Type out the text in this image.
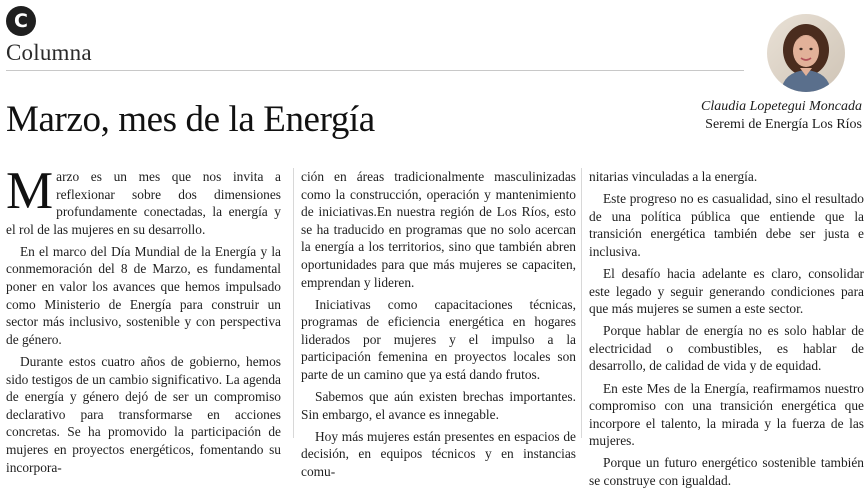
C
Columna
Marzo, mes de la Energía	Claudia Lopetegui Moncada
Seremi de Energía Los Ríos

Marzo es un mes que nos invita a reflexionar sobre dos dimensiones profundamente conectadas, la energía y el rol de las mujeres en su desarrollo.

En el marco del Día Mundial de la Energía y la conmemoración del 8 de Marzo, es fundamental poner en valor los avances que hemos impulsado como Ministerio de Energía para construir un sector más inclusivo, sostenible y con perspectiva de género.

Durante estos cuatro años de gobierno, hemos sido testigos de un cambio significativo. La agenda de energía y género dejó de ser un compromiso declarativo para transformarse en acciones concretas. Se ha promovido la participación de mujeres en proyectos energéticos, fomentando su incorpora-

ción en áreas tradicionalmente masculinizadas como la construcción, operación y mantenimiento de iniciativas.En nuestra región de Los Ríos, esto se ha traducido en programas que no solo acercan la energía a los territorios, sino que también abren oportunidades para que más mujeres se capaciten, emprendan y lideren.

Iniciativas como capacitaciones técnicas, programas de eficiencia energética en hogares liderados por mujeres y el impulso a la participación femenina en proyectos locales son parte de un camino que ya está dando frutos.

Sabemos que aún existen brechas importantes. Sin embargo, el avance es innegable.

Hoy más mujeres están presentes en espacios de decisión, en equipos técnicos y en instancias comu-

nitarias vinculadas a la energía.

Este progreso no es casualidad, sino el resultado de una política pública que entiende que la transición energética también debe ser justa e inclusiva.

El desafío hacia adelante es claro, consolidar este legado y seguir generando condiciones para que más mujeres se sumen a este sector.

Porque hablar de energía no es solo hablar de electricidad o combustibles, es hablar de desarrollo, de calidad de vida y de equidad.

En este Mes de la Energía, reafirmamos nuestro compromiso con una transición energética que incorpore el talento, la mirada y la fuerza de las mujeres.

Porque un futuro energético sostenible también se construye con igualdad.
